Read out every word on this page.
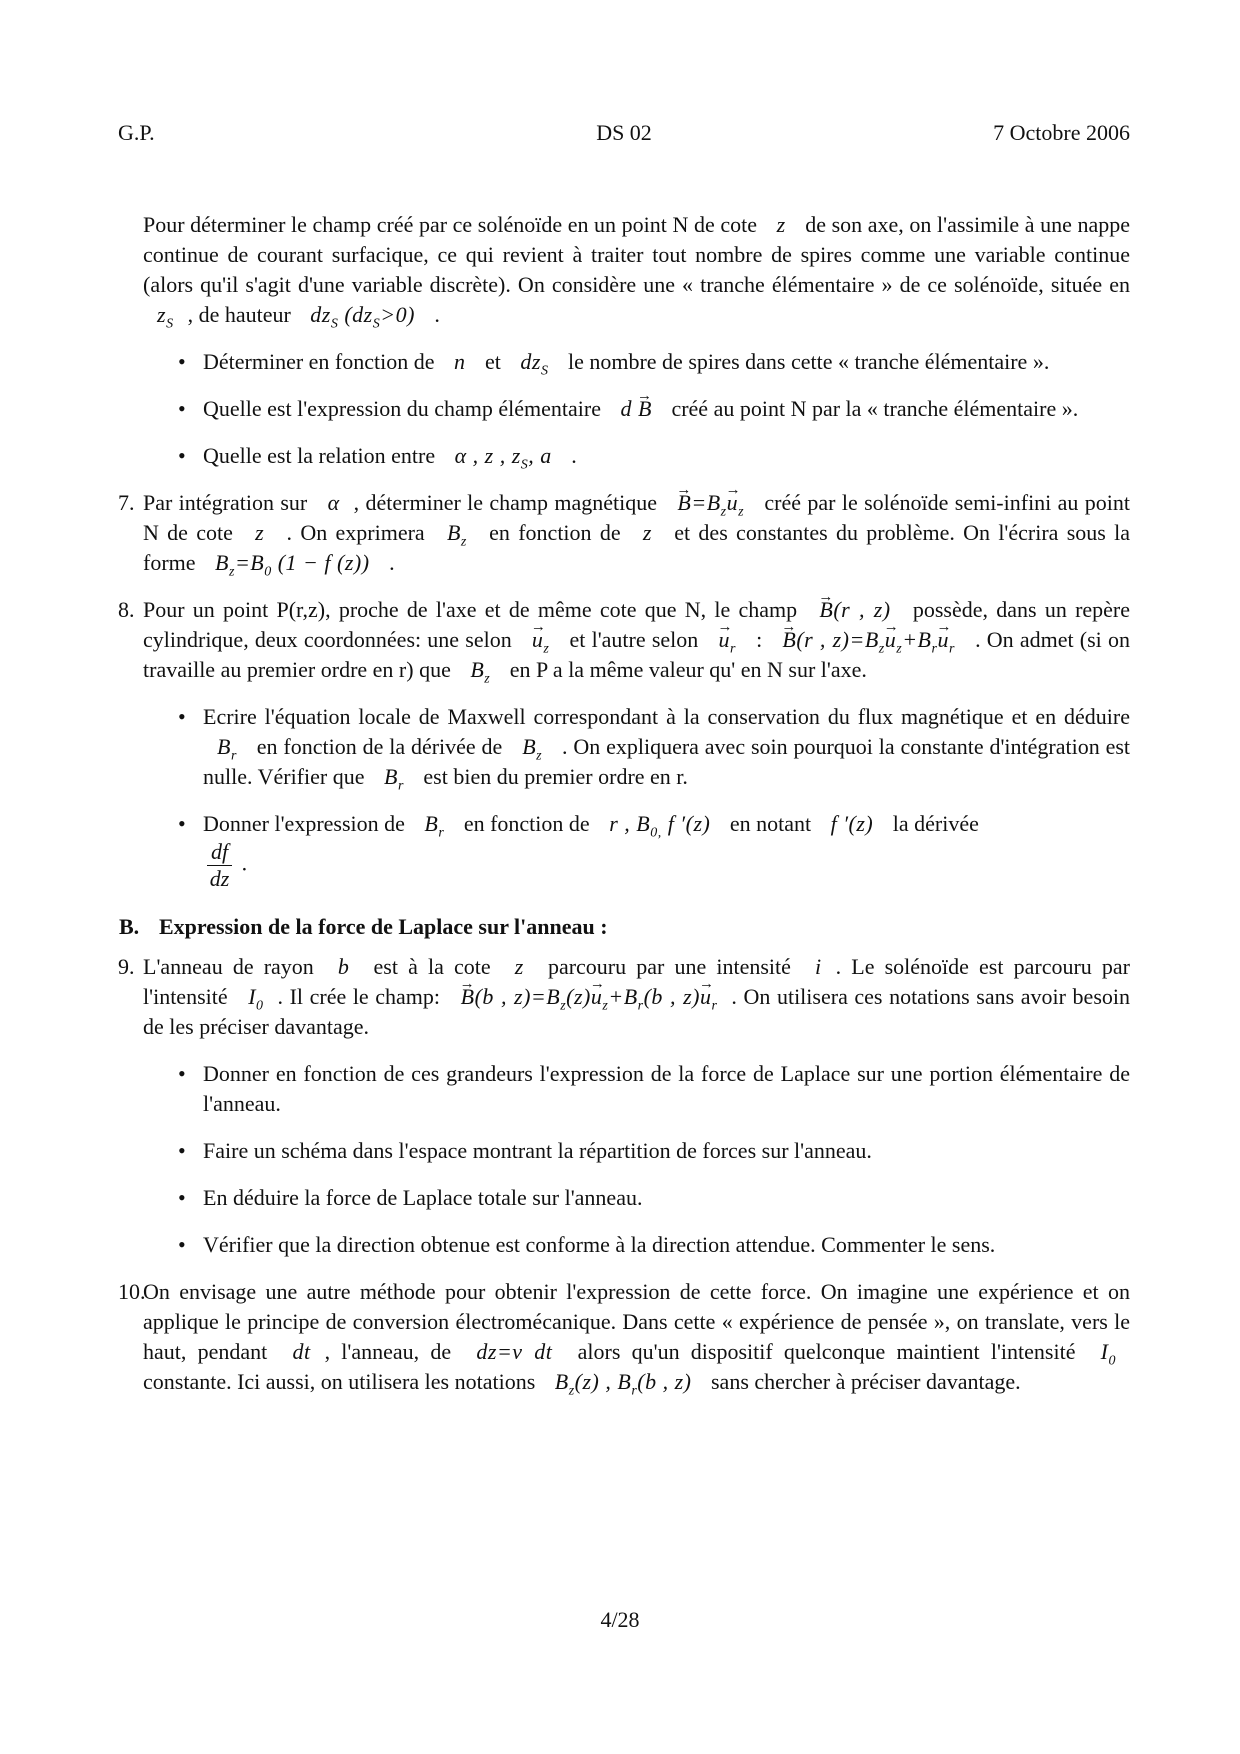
G.P.	DS 02	7 Octobre 2006

Pour déterminer le champ créé par ce solénoïde en un point N de cote z de son axe, on l'assimile à une nappe continue de courant surfacique, ce qui revient à traiter tout nombre de spires comme une variable continue (alors qu'il s'agit d'une variable discrète). On considère une « tranche élémentaire » de ce solénoïde, située en $z_S$ , de hauteur $dz_S$ $(dz_S>0)$ .

• Déterminer en fonction de n et $dz_S$ le nombre de spires dans cette « tranche élémentaire ».
• Quelle est l'expression du champ élémentaire d → B créé au point N par la « tranche élémentaire ».
• Quelle est la relation entre α , z , $z_S$, a .

7. Par intégration sur α , déterminer le champ magnétique → $B=B_z\to u_z$ créé par le solénoïde semi-infini au point N de cote z . On exprimera $B_z$ en fonction de z et des constantes du problème. On l'écrira sous la forme $B_z=B_0$ (1 − f (z)) .

8. Pour un point P(r,z), proche de l'axe et de même cote que N, le champ → B(r , z) possède, dans un repère cylindrique, deux coordonnées: une selon → $u_z$ et l'autre selon → $u_r$ : → B(r , $z)=B_z\to u_z+B_r\to u_r$ . On admet (si on travaille au premier ordre en r) que $B_z$ en P a la même valeur qu' en N sur l'axe.

• Ecrire l'équation locale de Maxwell correspondant à la conservation du flux magnétique et en déduire $B_r$ en fonction de la dérivée de $B_z$ . On expliquera avec soin pourquoi la constante d'intégration est nulle. Vérifier que $B_r$ est bien du premier ordre en r.
• Donner l'expression de $B_r$ en fonction de r , $B_{0,}$ f ′(z) en notant f ′(z) la dérivée

$\frac{df}{dz}$ .

B. Expression de la force de Laplace sur l'anneau :

9. L'anneau de rayon b est à la cote z parcouru par une intensité i . Le solénoïde est parcouru par l'intensité $I_0$ . Il crée le champ: → B(b , $z)=B_z(z)\to u_z+B_r(b$ , $z)\to u_r$ . On utilisera ces notations sans avoir besoin de les préciser davantage.

• Donner en fonction de ces grandeurs l'expression de la force de Laplace sur une portion élémentaire de l'anneau.
• Faire un schéma dans l'espace montrant la répartition de forces sur l'anneau.
• En déduire la force de Laplace totale sur l'anneau.
• Vérifier que la direction obtenue est conforme à la direction attendue. Commenter le sens.

10.
On envisage une autre méthode pour obtenir l'expression de cette force. On imagine une expérience et on applique le principe de conversion électromécanique. Dans cette « expérience de pensée », on translate, vers le haut, pendant dt , l'anneau, de dz=v dt alors qu'un dispositif quelconque maintient l'intensité $I_0$ constante. Ici aussi, on utilisera les notations $B_z(z)$ , $B_r(b$ , z) sans chercher à préciser davantage.

4/28
